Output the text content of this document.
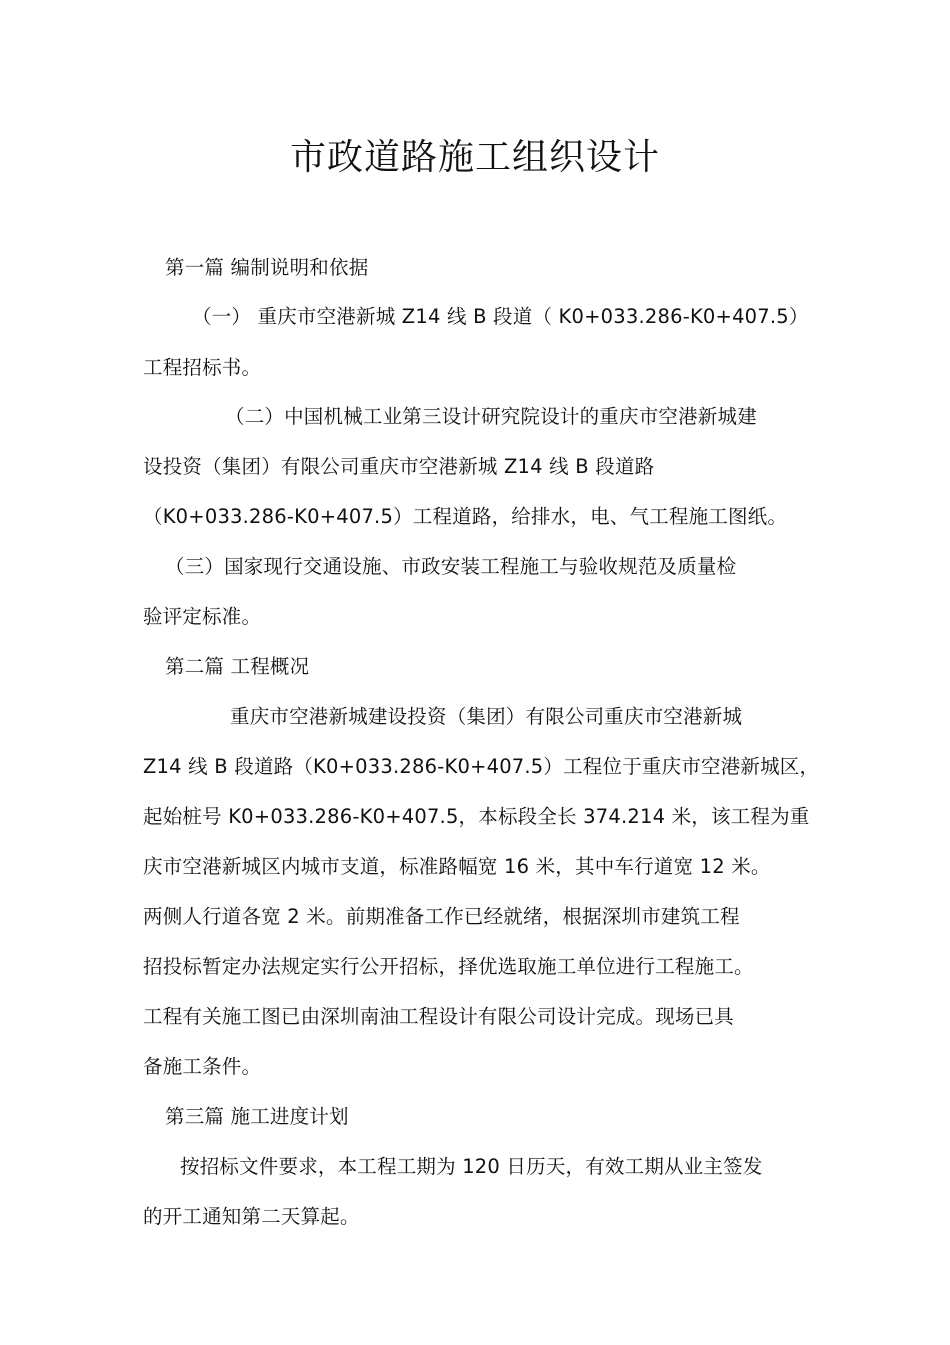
市政道路施工组织设计
第一篇 编制说明和依据
（一） 重庆市空港新城 Z14 线 B 段道（ K0+033.286-K0+407.5）
工程招标书。
（二）中国机械工业第三设计研究院设计的重庆市空港新城建
设投资（集团）有限公司重庆市空港新城 Z14 线 B 段道路
（K0+033.286-K0+407.5）工程道路，给排水，电、气工程施工图纸。
（三）国家现行交通设施、市政安装工程施工与验收规范及质量检
验评定标准。
第二篇 工程概况
重庆市空港新城建设投资（集团）有限公司重庆市空港新城
Z14 线 B 段道路（K0+033.286-K0+407.5）工程位于重庆市空港新城区，
起始桩号 K0+033.286-K0+407.5，本标段全长 374.214 米，该工程为重
庆市空港新城区内城市支道，标准路幅宽 16 米，其中车行道宽 12 米。
两侧人行道各宽 2 米。前期准备工作已经就绪，根据深圳市建筑工程
招投标暂定办法规定实行公开招标，择优选取施工单位进行工程施工。
工程有关施工图已由深圳南油工程设计有限公司设计完成。现场已具
备施工条件。
第三篇 施工进度计划
按招标文件要求，本工程工期为 120 日历天，有效工期从业主签发
的开工通知第二天算起。
